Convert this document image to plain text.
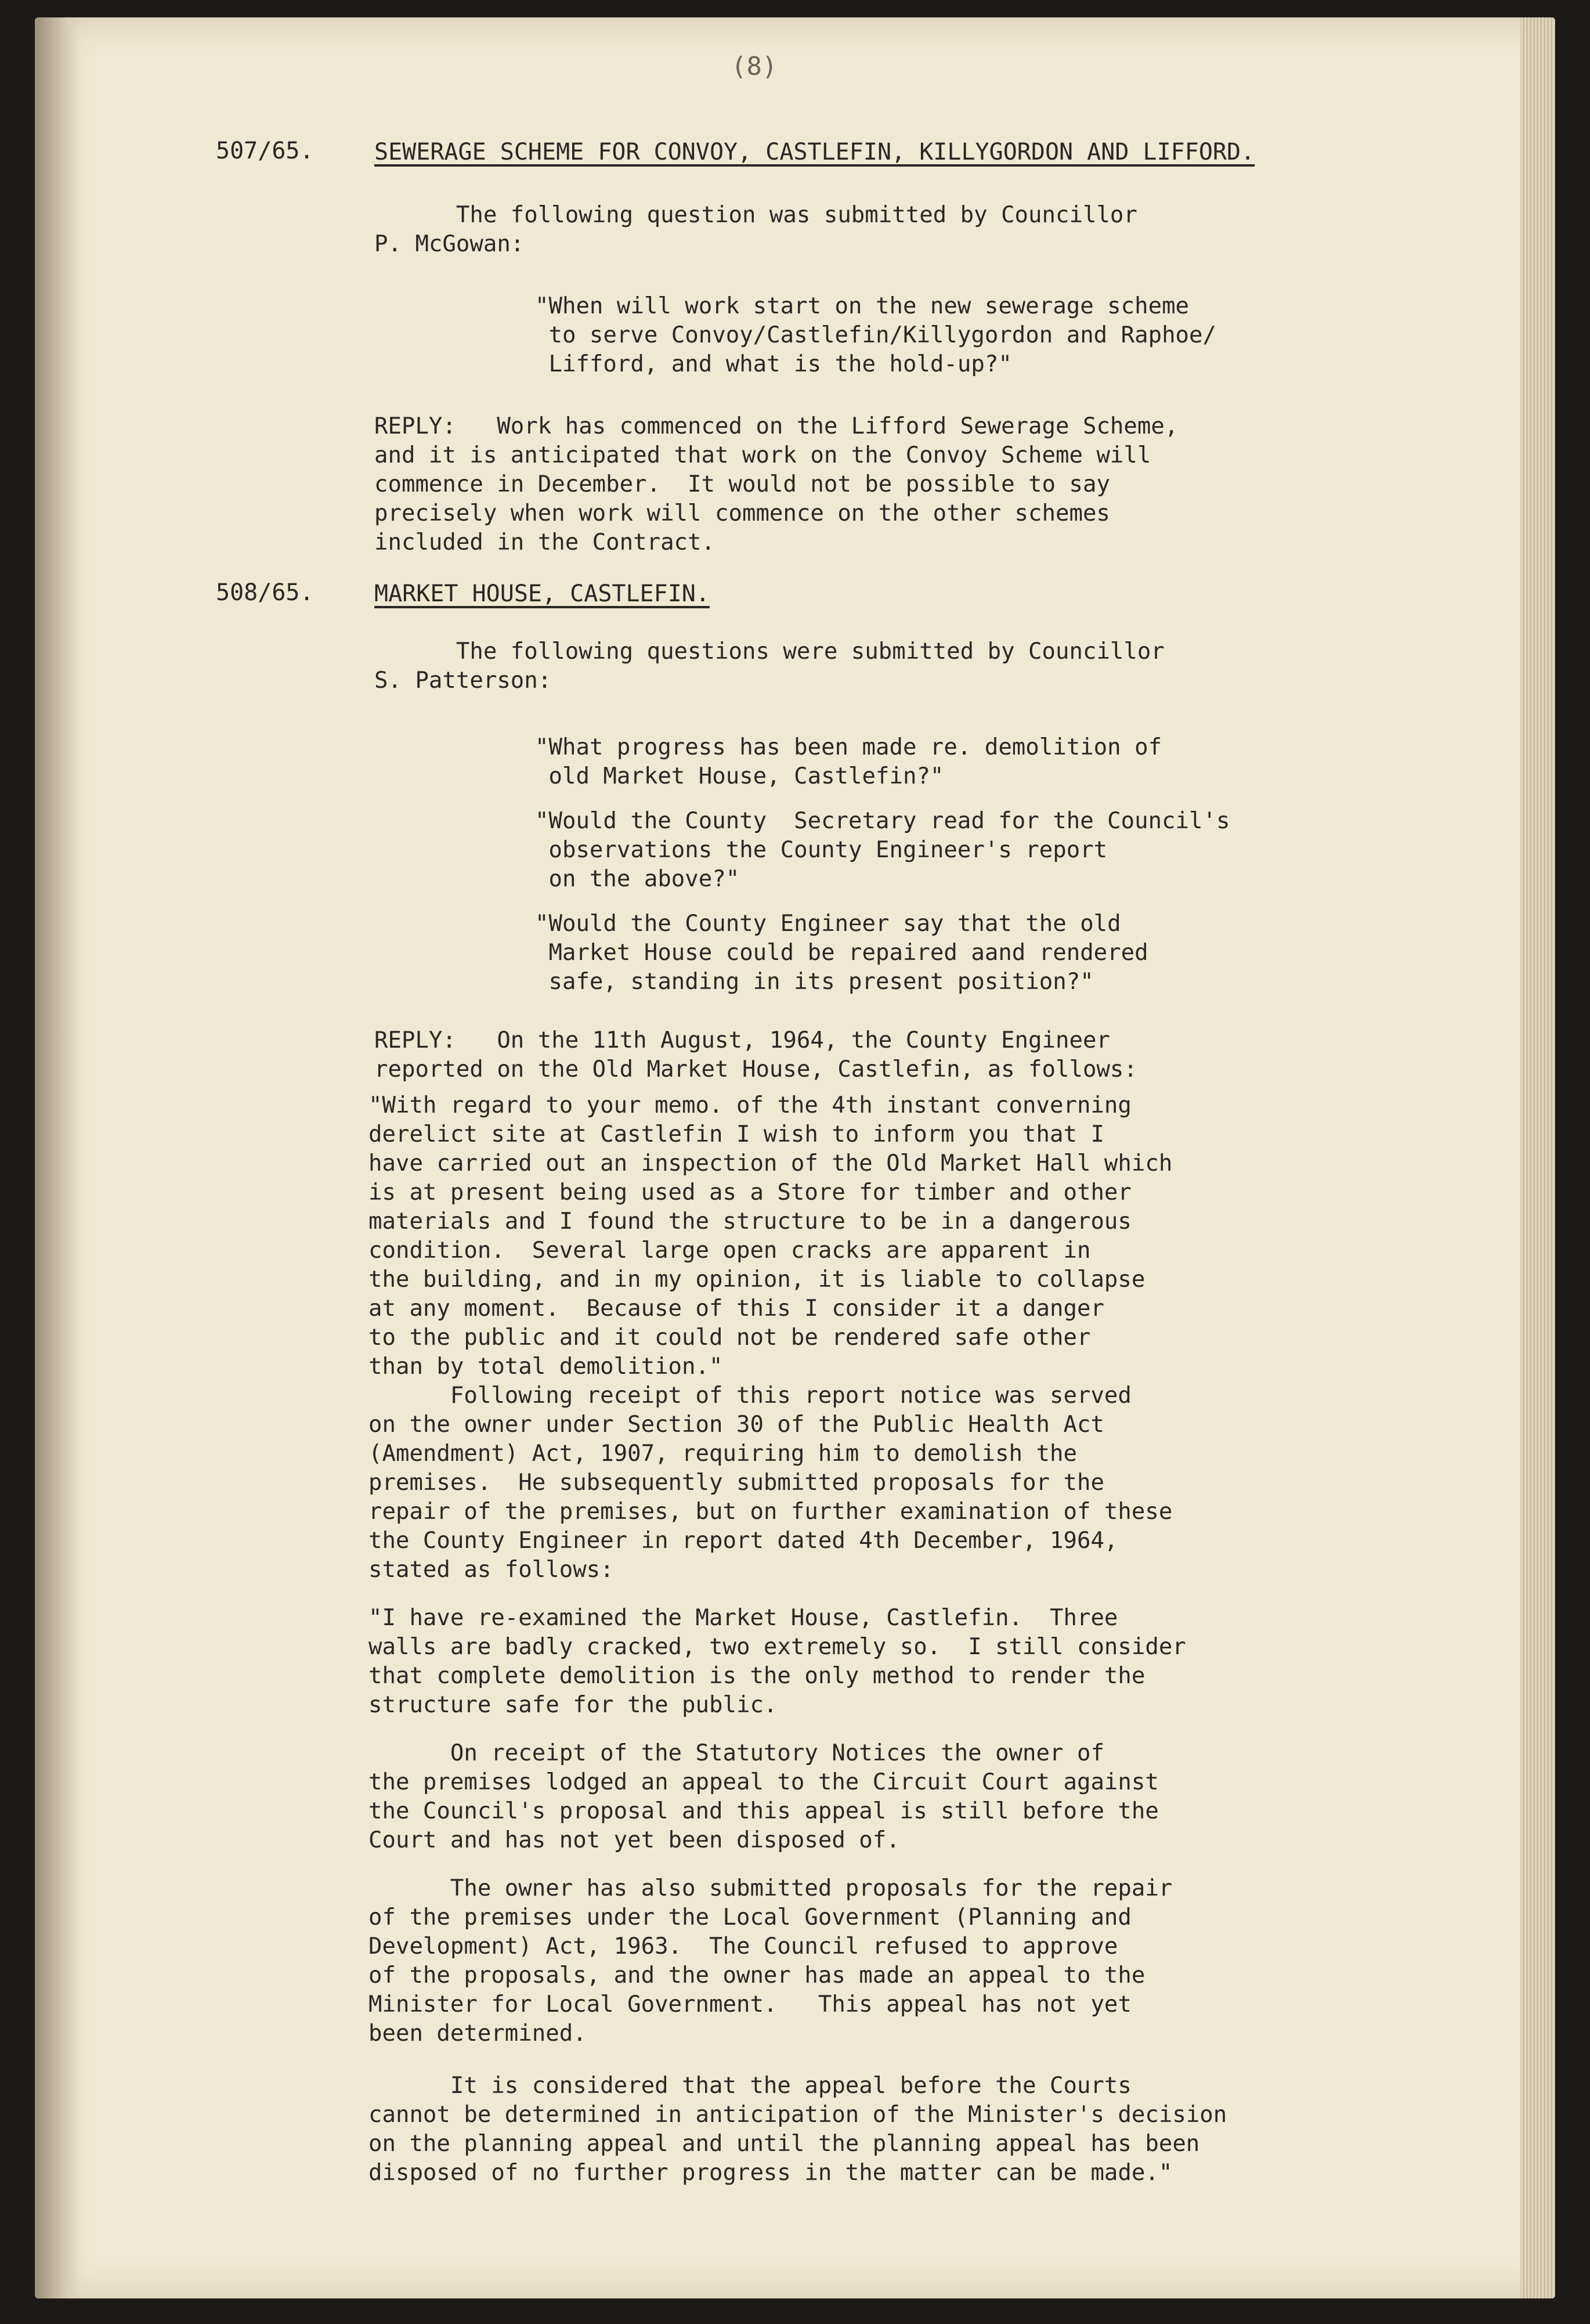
(8)
507/65.	SEWERAGE SCHEME FOR CONVOY, CASTLEFIN, KILLYGORDON AND LIFFORD.
The following question was submitted by Councillor
P. McGowan:
"When will work start on the new sewerage scheme
to serve Convoy/Castlefin/Killygordon and Raphoe/
Lifford, and what is the hold-up?"
REPLY:   Work has commenced on the Lifford Sewerage Scheme,
and it is anticipated that work on the Convoy Scheme will
commence in December.  It would not be possible to say
precisely when work will commence on the other schemes
included in the Contract.
508/65.	MARKET HOUSE, CASTLEFIN.
The following questions were submitted by Councillor
S. Patterson:
"What progress has been made re. demolition of
old Market House, Castlefin?"
"Would the County  Secretary read for the Council's
observations the County Engineer's report
on the above?"
"Would the County Engineer say that the old
Market House could be repaired aand rendered
safe, standing in its present position?"
REPLY:   On the 11th August, 1964, the County Engineer
reported on the Old Market House, Castlefin, as follows:
"With regard to your memo. of the 4th instant converning
derelict site at Castlefin I wish to inform you that I
have carried out an inspection of the Old Market Hall which
is at present being used as a Store for timber and other
materials and I found the structure to be in a dangerous
condition.  Several large open cracks are apparent in
the building, and in my opinion, it is liable to collapse
at any moment.  Because of this I consider it a danger
to the public and it could not be rendered safe other
than by total demolition."
Following receipt of this report notice was served
on the owner under Section 30 of the Public Health Act
(Amendment) Act, 1907, requiring him to demolish the
premises.  He subsequently submitted proposals for the
repair of the premises, but on further examination of these
the County Engineer in report dated 4th December, 1964,
stated as follows:
"I have re-examined the Market House, Castlefin.  Three
walls are badly cracked, two extremely so.  I still consider
that complete demolition is the only method to render the
structure safe for the public.
On receipt of the Statutory Notices the owner of
the premises lodged an appeal to the Circuit Court against
the Council's proposal and this appeal is still before the
Court and has not yet been disposed of.
The owner has also submitted proposals for the repair
of the premises under the Local Government (Planning and
Development) Act, 1963.  The Council refused to approve
of the proposals, and the owner has made an appeal to the
Minister for Local Government.   This appeal has not yet
been determined.
It is considered that the appeal before the Courts
cannot be determined in anticipation of the Minister's decision
on the planning appeal and until the planning appeal has been
disposed of no further progress in the matter can be made."
